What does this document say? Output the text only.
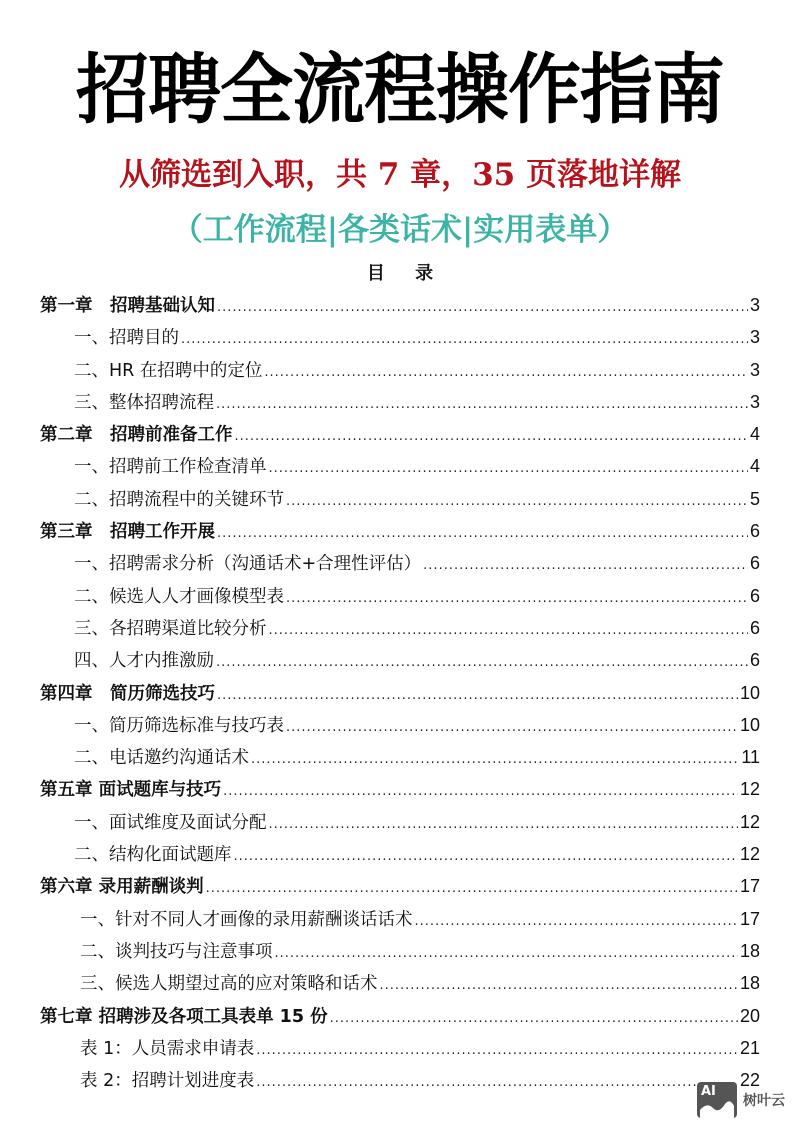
招聘全流程操作指南
从筛选到入职，共 7 章，35 页落地详解
（工作流程|各类话术|实用表单）
目 录
第一章　招聘基础认知 .....	3
一、招聘目的 .....	3
二、HR 在招聘中的定位 .....	3
三、整体招聘流程 .....	3
第二章　招聘前准备工作 .....	4
一、招聘前工作检查清单 .....	4
二、招聘流程中的关键环节 .....	5
第三章　招聘工作开展 .....	6
一、招聘需求分析（沟通话术+合理性评估） .....	6
二、候选人人才画像模型表 .....	6
三、各招聘渠道比较分析 .....	6
四、人才内推激励 .....	6
第四章　简历筛选技巧 .....	10
一、简历筛选标准与技巧表 .....	10
二、电话邀约沟通话术 .....	11
第五章 面试题库与技巧 .....	12
一、面试维度及面试分配 .....	12
二、结构化面试题库 .....	12
第六章 录用薪酬谈判 .....	17
一、针对不同人才画像的录用薪酬谈话话术 .....	17
二、谈判技巧与注意事项 .....	18
三、候选人期望过高的应对策略和话术 .....	18
第七章 招聘涉及各项工具表单 15 份 .....	20
表 1：人员需求申请表 .....	21
表 2：招聘计划进度表 .....	22
AI
树叶云
